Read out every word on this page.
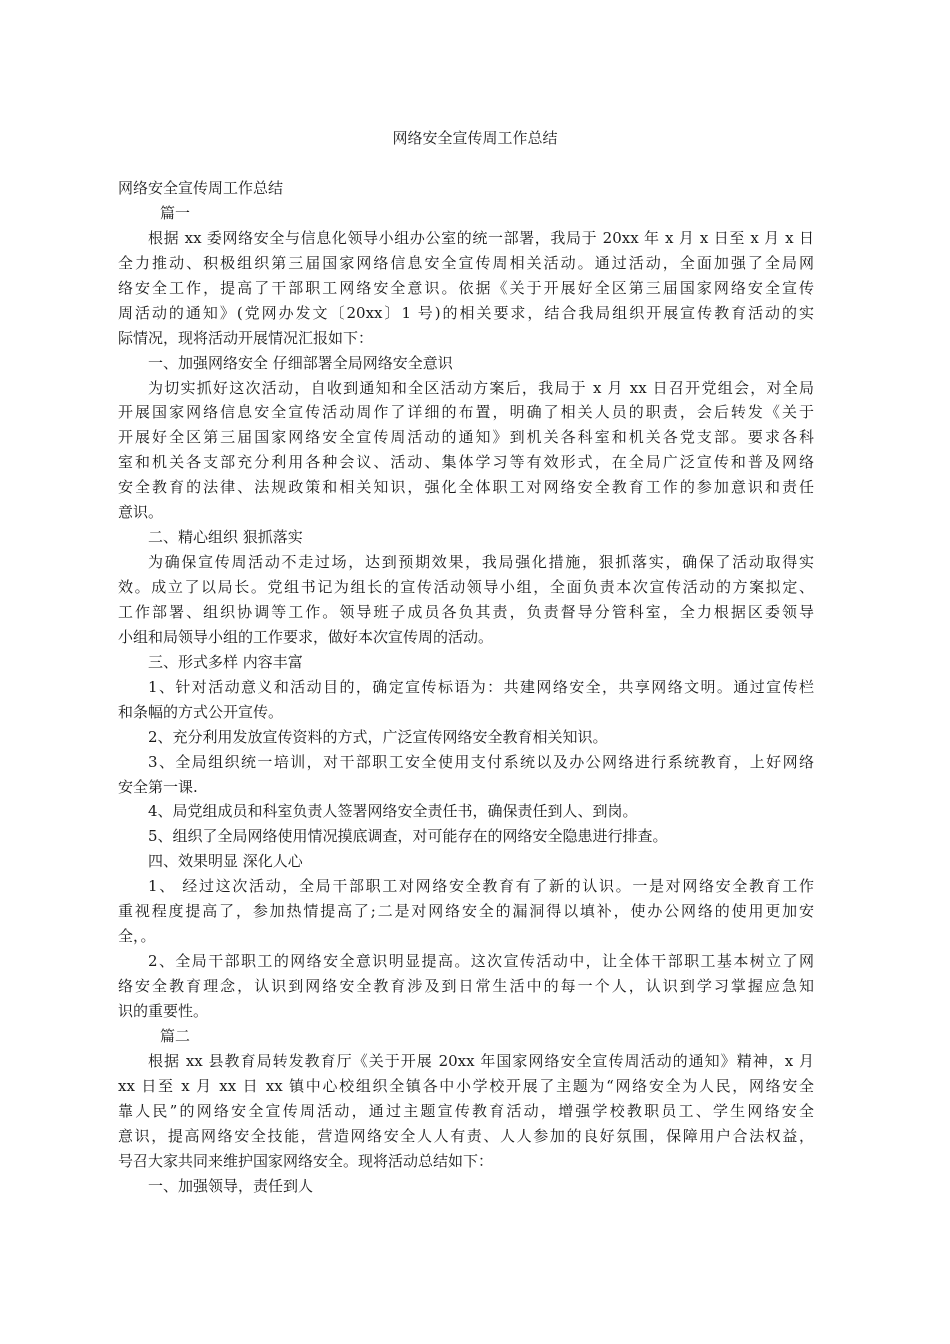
网络安全宣传周工作总结
网络安全宣传周工作总结
篇一
根据 xx 委网络安全与信息化领导小组办公室的统一部署，我局于 20xx 年 x 月 x 日至 x 月 x 日
全力推动、积极组织第三届国家网络信息安全宣传周相关活动。通过活动，全面加强了全局网
络安全工作，提高了干部职工网络安全意识。依据《关于开展好全区第三届国家网络安全宣传
周活动的通知》(党网办发文〔20xx〕1 号)的相关要求，结合我局组织开展宣传教育活动的实
际情况，现将活动开展情况汇报如下：
一、加强网络安全 仔细部署全局网络安全意识
为切实抓好这次活动，自收到通知和全区活动方案后，我局于 x 月 xx 日召开党组会，对全局
开展国家网络信息安全宣传活动周作了详细的布置，明确了相关人员的职责，会后转发《关于
开展好全区第三届国家网络安全宣传周活动的通知》到机关各科室和机关各党支部。要求各科
室和机关各支部充分利用各种会议、活动、集体学习等有效形式，在全局广泛宣传和普及网络
安全教育的法律、法规政策和相关知识，强化全体职工对网络安全教育工作的参加意识和责任
意识。
二、精心组织 狠抓落实
为确保宣传周活动不走过场，达到预期效果，我局强化措施，狠抓落实，确保了活动取得实
效。成立了以局长。党组书记为组长的宣传活动领导小组，全面负责本次宣传活动的方案拟定、
工作部署、组织协调等工作。领导班子成员各负其责，负责督导分管科室，全力根据区委领导
小组和局领导小组的工作要求，做好本次宣传周的活动。
三、形式多样 内容丰富
1、针对活动意义和活动目的，确定宣传标语为：共建网络安全，共享网络文明。通过宣传栏
和条幅的方式公开宣传。
2、充分利用发放宣传资料的方式，广泛宣传网络安全教育相关知识。
3、全局组织统一培训，对干部职工安全使用支付系统以及办公网络进行系统教育，上好网络
安全第一课.
4、局党组成员和科室负责人签署网络安全责任书，确保责任到人、到岗。
5、组织了全局网络使用情况摸底调查，对可能存在的网络安全隐患进行排查。
四、效果明显 深化人心
1、 经过这次活动，全局干部职工对网络安全教育有了新的认识。一是对网络安全教育工作
重视程度提高了，参加热情提高了;二是对网络安全的漏洞得以填补，使办公网络的使用更加安
全，。
2、全局干部职工的网络安全意识明显提高。这次宣传活动中，让全体干部职工基本树立了网
络安全教育理念，认识到网络安全教育涉及到日常生活中的每一个人，认识到学习掌握应急知
识的重要性。
篇二
根据 xx 县教育局转发教育厅《关于开展 20xx 年国家网络安全宣传周活动的通知》精神，x 月
xx 日至 x 月 xx 日 xx 镇中心校组织全镇各中小学校开展了主题为“网络安全为人民，网络安全
靠人民”的网络安全宣传周活动，通过主题宣传教育活动，增强学校教职员工、学生网络安全
意识，提高网络安全技能，营造网络安全人人有责、人人参加的良好氛围，保障用户合法权益，
号召大家共同来维护国家网络安全。现将活动总结如下：
一、加强领导，责任到人
